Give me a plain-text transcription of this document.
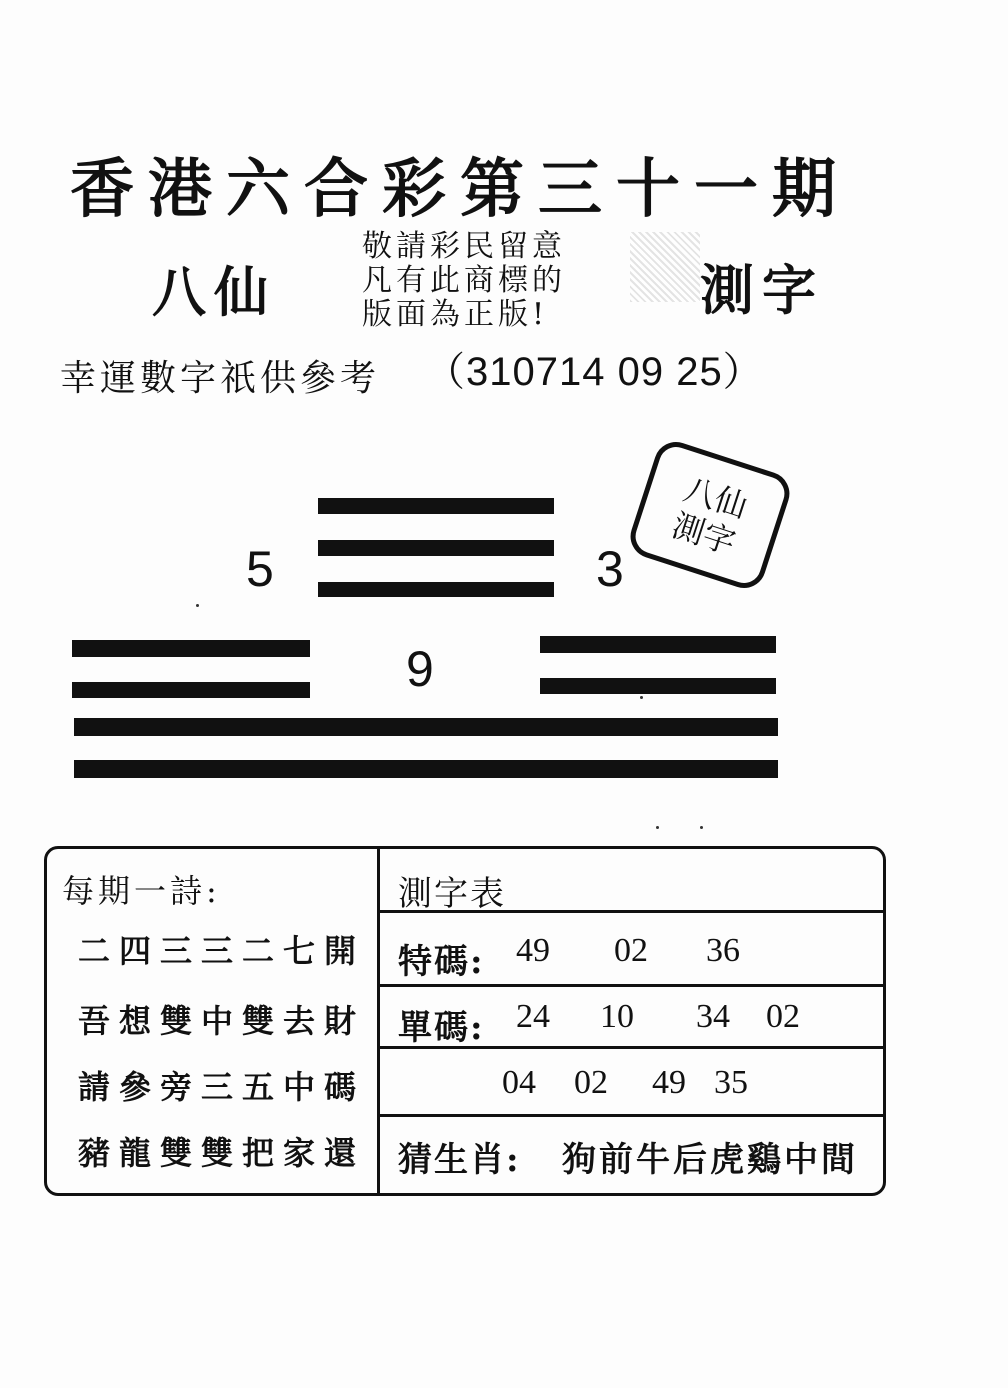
香港六合彩第三十一期
八仙
敬請彩民留意
凡有此商標的
版面為正版!	測字
幸運數字祇供參考 （310714 09 25）
5	3
9
八仙
測字
每期一詩:
二四三三二七開
吾想雙中雙去財
請參旁三五中碼
豬龍雙雙把家還
測字表
特碼: 49 02 36
單碼: 24 10 34 02
04 02 49 35
猜生肖: 狗前牛后虎鷄中間
